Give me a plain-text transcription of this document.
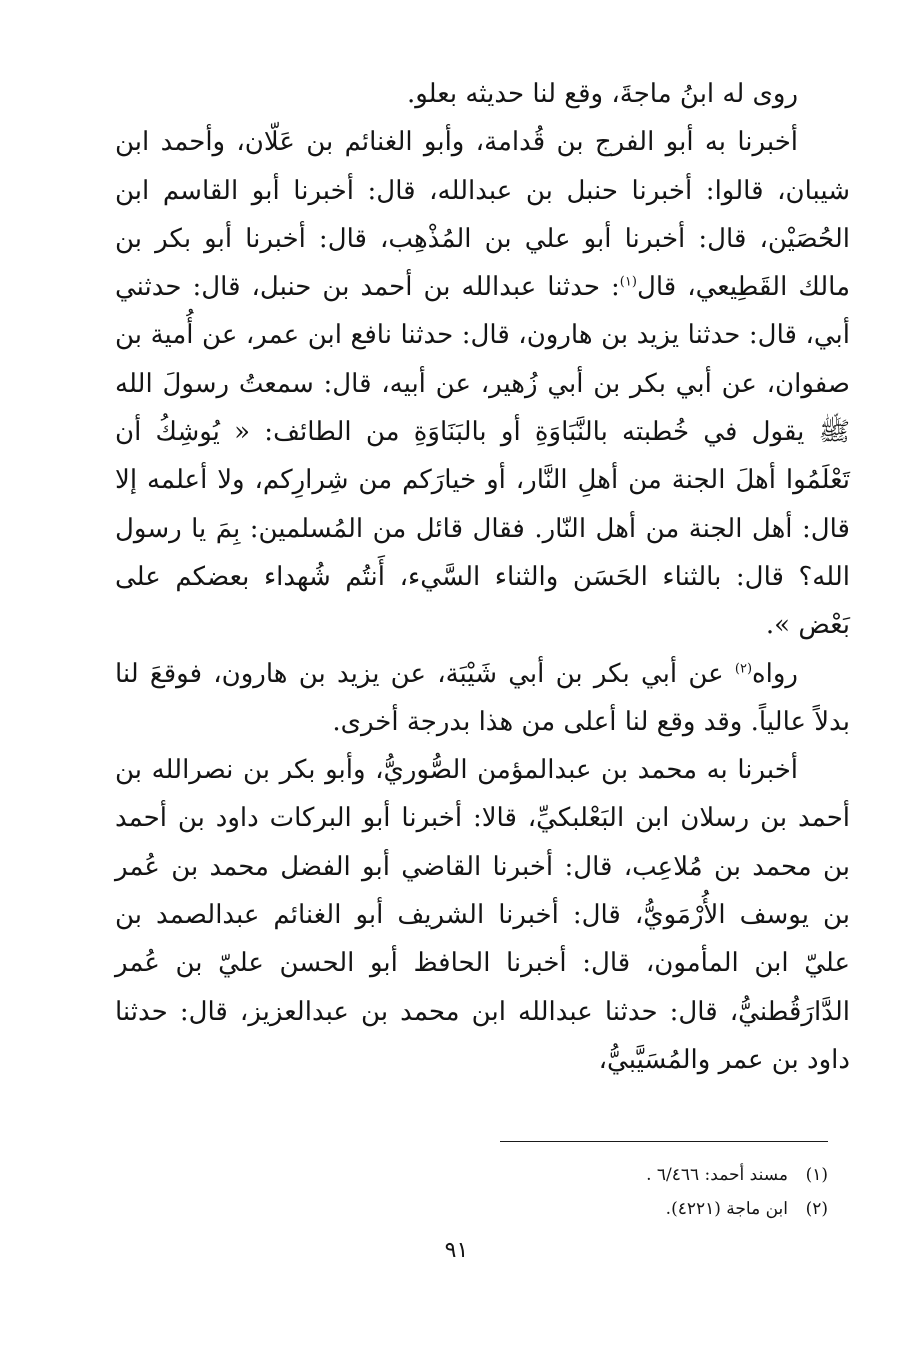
روى له ابنُ ماجةَ، وقع لنا حديثه بعلو.

أخبرنا به أبو الفرج بن قُدامة، وأبو الغنائم بن عَلّان، وأحمد ابن شيبان، قالوا: أخبرنا حنبل بن عبدالله، قال: أخبرنا أبو القاسم ابن الحُصَيْن، قال: أخبرنا أبو علي بن المُذْهِب، قال: أخبرنا أبو بكر بن مالك القَطِيعي، قال$^{(١)}$: حدثنا عبدالله بن أحمد بن حنبل، قال: حدثني أبي، قال: حدثنا يزيد بن هارون، قال: حدثنا نافع ابن عمر، عن أُمية بن صفوان، عن أبي بكر بن أبي زُهير، عن أبيه، قال: سمعتُ رسولَ الله ﷺ يقول في خُطبته بالنَّبَاوَةِ أو بالبَنَاوَةِ من الطائف: « يُوشِكُ أن تَعْلَمُوا أهلَ الجنة من أهلِ النَّار، أو خيارَكم من شِرارِكم، ولا أعلمه إلا قال: أهل الجنة من أهل النّار. فقال قائل من المُسلمين: بِمَ يا رسول الله؟ قال: بالثناء الحَسَن والثناء السَّيء، أَنتُم شُهداء بعضكم على بَعْض ».

رواه$^{(٢)}$ عن أبي بكر بن أبي شَيْبَة، عن يزيد بن هارون، فوقعَ لنا بدلاً عالياً. وقد وقع لنا أعلى من هذا بدرجة أخرى.

أخبرنا به محمد بن عبدالمؤمن الصُّوريُّ، وأبو بكر بن نصرالله بن أحمد بن رسلان ابن البَعْلبكيِّ، قالا: أخبرنا أبو البركات داود بن أحمد بن محمد بن مُلاعِب، قال: أخبرنا القاضي أبو الفضل محمد بن عُمر بن يوسف الأُرْمَويُّ، قال: أخبرنا الشريف أبو الغنائم عبدالصمد بن عليّ ابن المأمون، قال: أخبرنا الحافظ أبو الحسن عليّ بن عُمر الدَّارَقُطنيُّ، قال: حدثنا عبدالله ابن محمد بن عبدالعزيز، قال: حدثنا داود بن عمر والمُسَيَّبيُّ،

(١)مسند أحمد: ٦/٤٦٦ .
(٢)ابن ماجة (٤٢٢١).
٩١
